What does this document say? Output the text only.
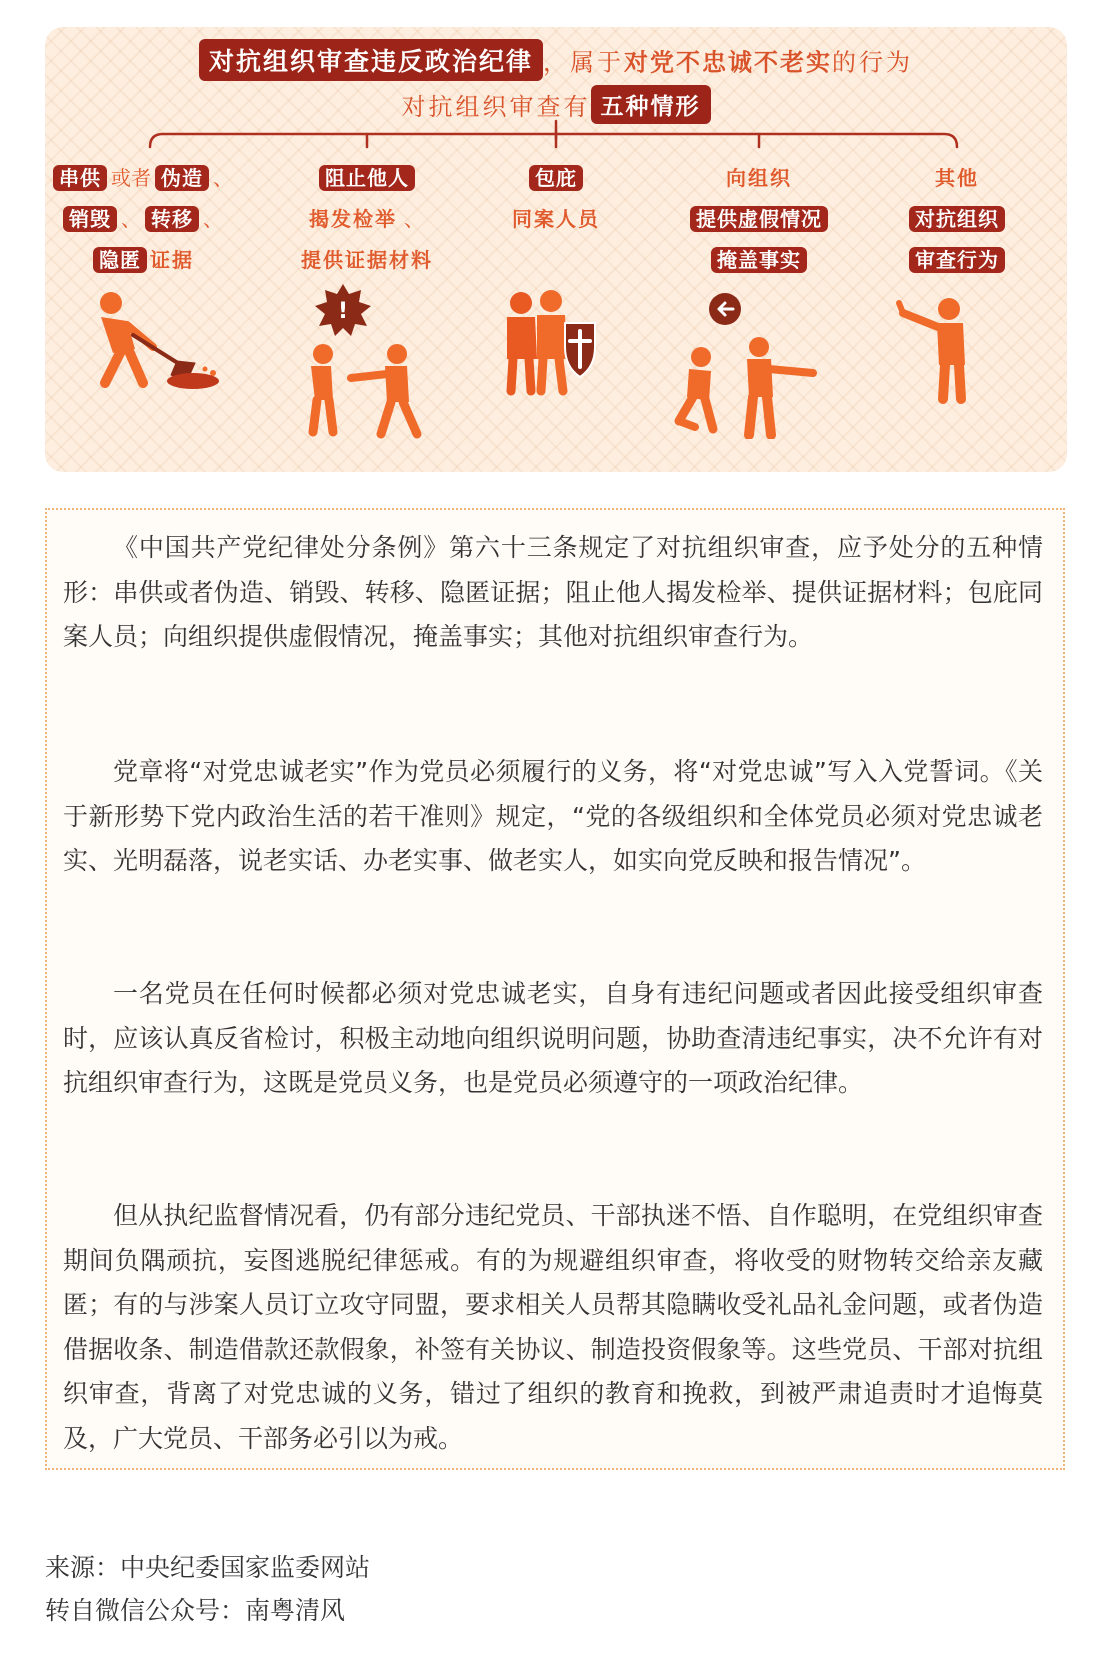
对抗组织审查违反政治纪律 ，属于对党不忠诚不老实的行为
对抗组织审查有 五种情形
串供 或者 伪造 、
销毁 、 转移 、
隐匿 证据
阻止他人
揭发检举 、
提供证据材料
包庇
同案人员
向组织
提供虚假情况
掩盖事实
其他
对抗组织
审查行为
!

《中国共产党纪律处分条例》第六十三条规定了对抗组织审查，应予处分的五种情形：串供或者伪造、销毁、转移、隐匿证据；阻止他人揭发检举、提供证据材料；包庇同案人员；向组织提供虚假情况，掩盖事实；其他对抗组织审查行为。

党章将“对党忠诚老实”作为党员必须履行的义务，将“对党忠诚”写入入党誓词。《关于新形势下党内政治生活的若干准则》规定，“党的各级组织和全体党员必须对党忠诚老实、光明磊落，说老实话、办老实事、做老实人，如实向党反映和报告情况”。

一名党员在任何时候都必须对党忠诚老实，自身有违纪问题或者因此接受组织审查时，应该认真反省检讨，积极主动地向组织说明问题，协助查清违纪事实，决不允许有对抗组织审查行为，这既是党员义务，也是党员必须遵守的一项政治纪律。

但从执纪监督情况看，仍有部分违纪党员、干部执迷不悟、自作聪明，在党组织审查期间负隅顽抗，妄图逃脱纪律惩戒。有的为规避组织审查，将收受的财物转交给亲友藏匿；有的与涉案人员订立攻守同盟，要求相关人员帮其隐瞒收受礼品礼金问题，或者伪造借据收条、制造借款还款假象，补签有关协议、制造投资假象等。这些党员、干部对抗组织审查，背离了对党忠诚的义务，错过了组织的教育和挽救，到被严肃追责时才追悔莫及，广大党员、干部务必引以为戒。

来源：中央纪委国家监委网站
转自微信公众号：南粤清风
